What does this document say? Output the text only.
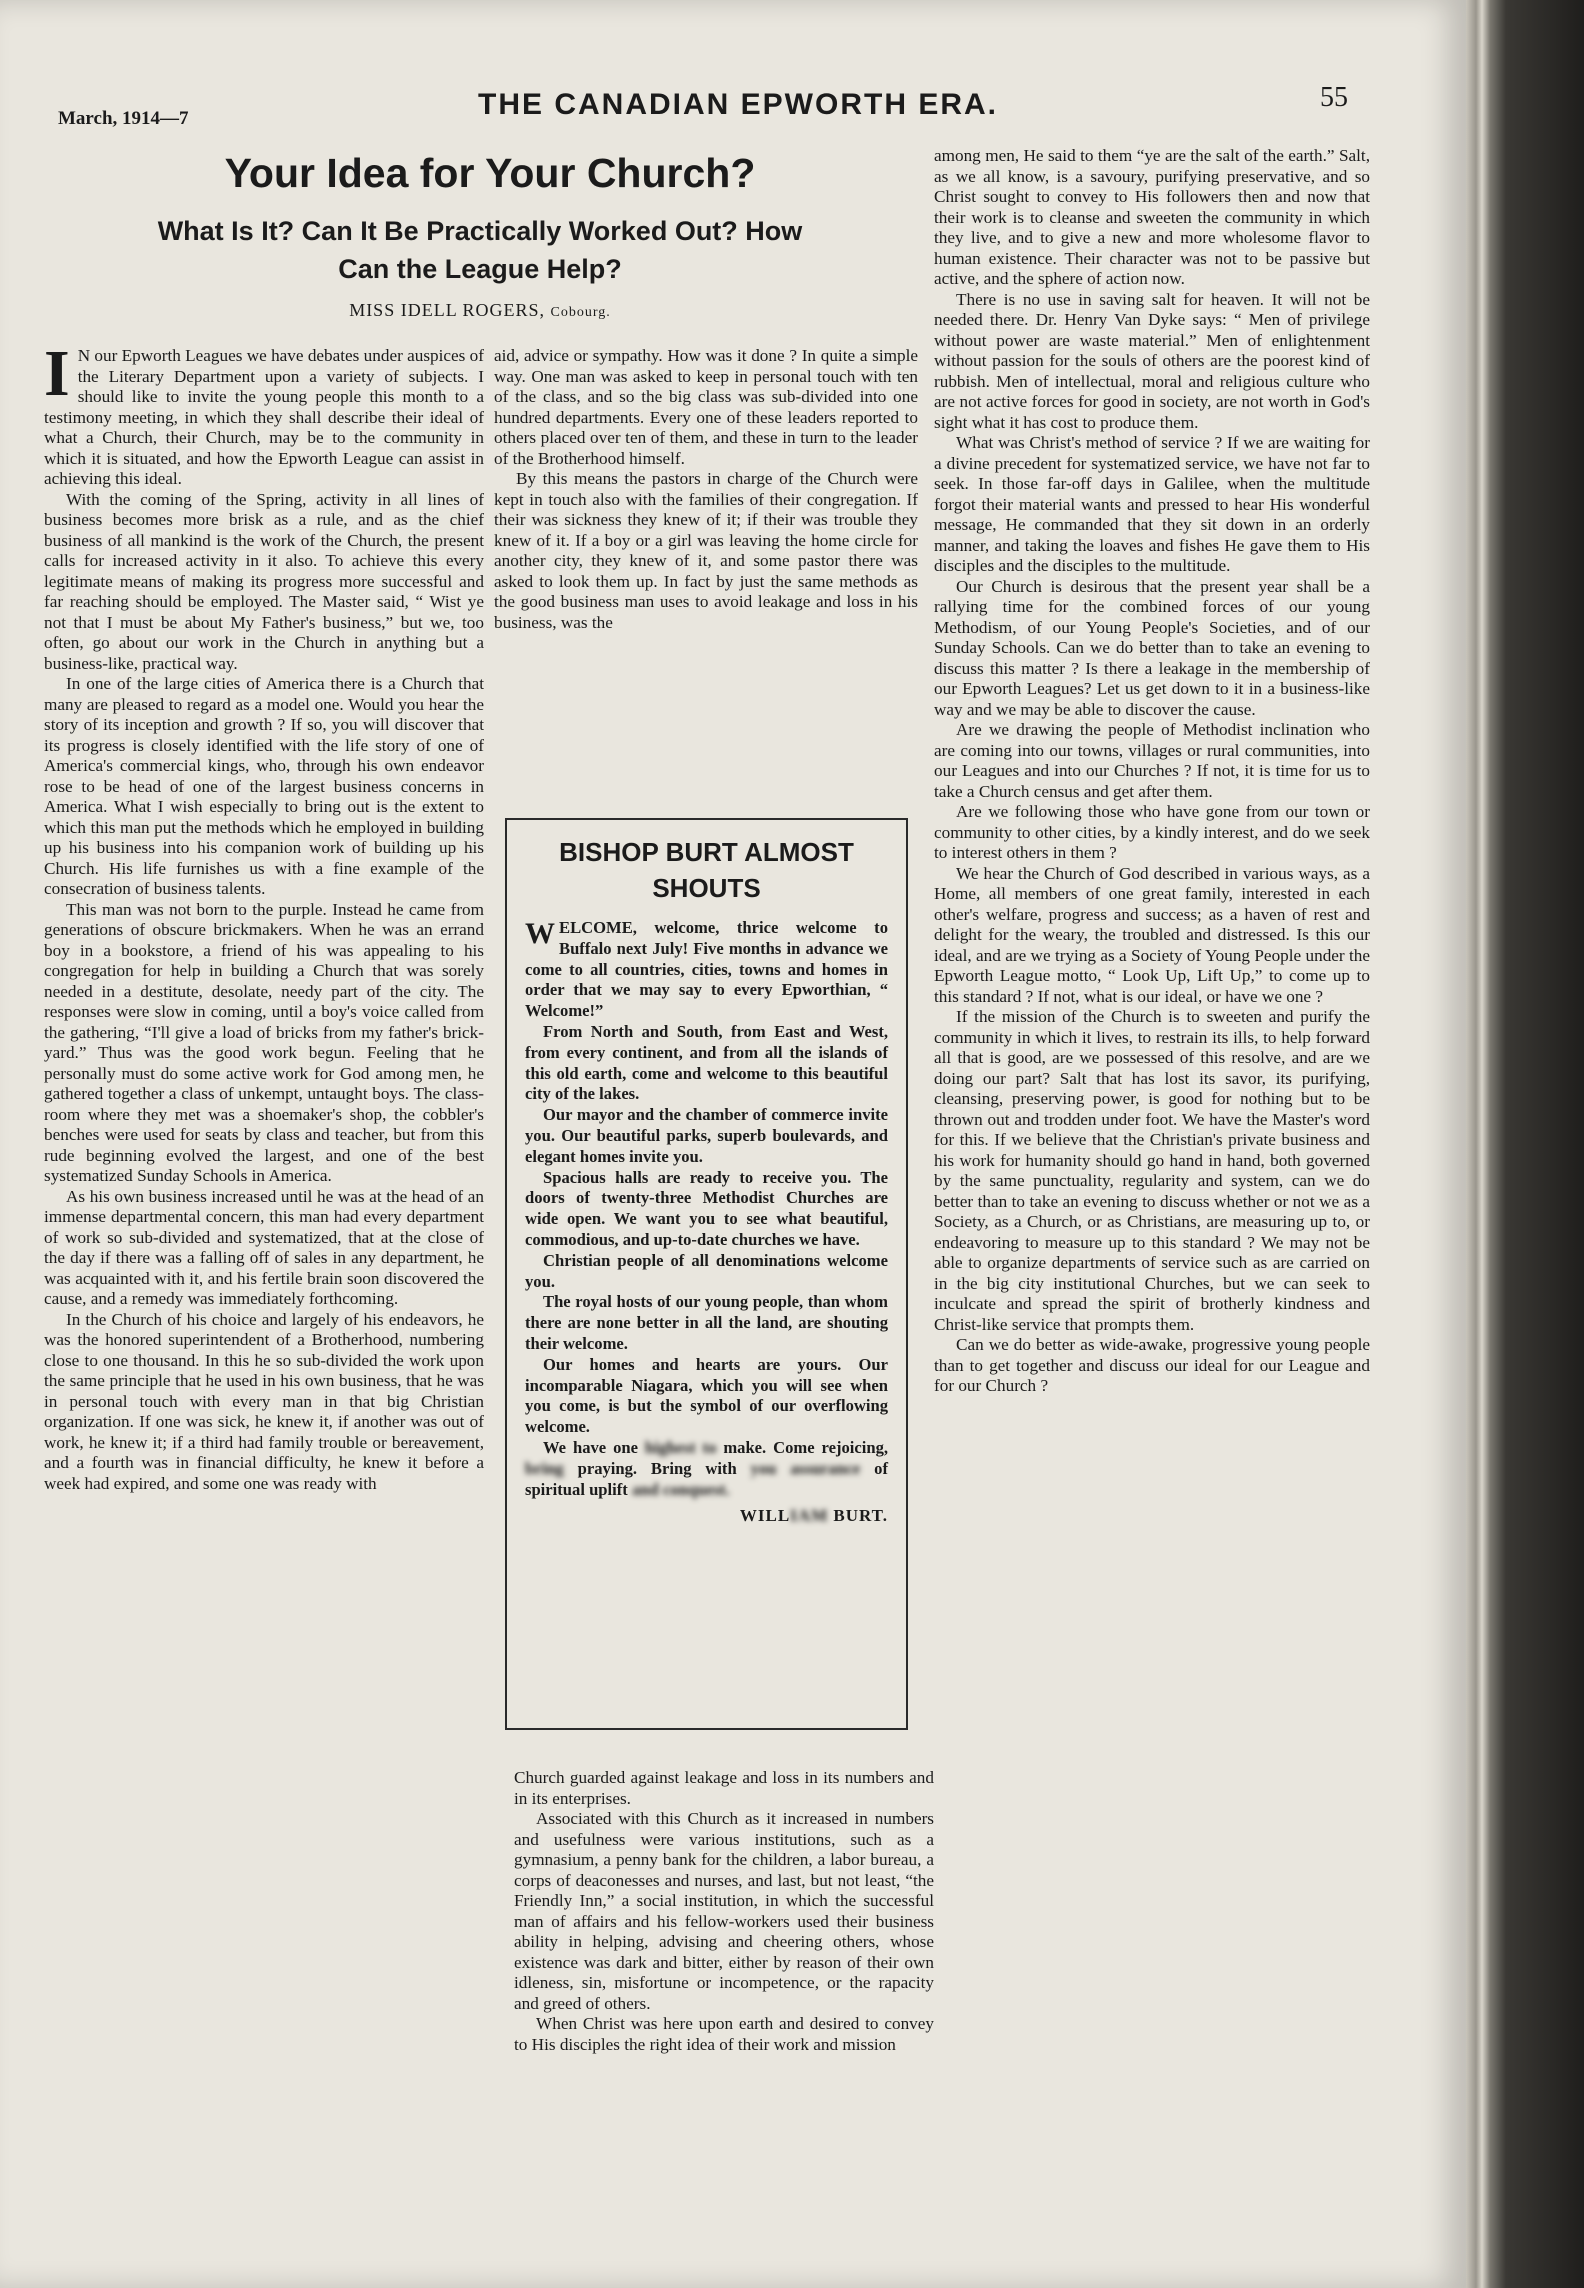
March, 1914—7	THE CANADIAN EPWORTH ERA.	55
Your Idea for Your Church?
What Is It? Can It Be Practically Worked Out? How
Can the League Help?
MISS IDELL ROGERS, Cobourg.

I N our Epworth Leagues we have debates under auspices of the Literary Department upon a variety of subjects. I should like to invite the young people this month to a testimony meeting, in which they shall describe their ideal of what a Church, their Church, may be to the community in which it is situated, and how the Epworth League can assist in achieving this ideal.

With the coming of the Spring, activity in all lines of business becomes more brisk as a rule, and as the chief business of all mankind is the work of the Church, the present calls for increased activity in it also. To achieve this every legitimate means of making its progress more successful and far reaching should be employed. The Master said, “ Wist ye not that I must be about My Father's business,” but we, too often, go about our work in the Church in anything but a business-like, practical way.

In one of the large cities of America there is a Church that many are pleased to regard as a model one. Would you hear the story of its inception and growth ? If so, you will discover that its progress is closely identified with the life story of one of America's commercial kings, who, through his own endeavor rose to be head of one of the largest business concerns in America. What I wish especially to bring out is the extent to which this man put the methods which he employed in building up his business into his companion work of building up his Church. His life furnishes us with a fine example of the consecration of business talents.

This man was not born to the purple. Instead he came from generations of obscure brickmakers. When he was an errand boy in a bookstore, a friend of his was appealing to his congregation for help in building a Church that was sorely needed in a destitute, desolate, needy part of the city. The responses were slow in coming, until a boy's voice called from the gathering, “I'll give a load of bricks from my father's brick-yard.” Thus was the good work begun. Feeling that he personally must do some active work for God among men, he gathered together a class of unkempt, untaught boys. The class-room where they met was a shoemaker's shop, the cobbler's benches were used for seats by class and teacher, but from this rude beginning evolved the largest, and one of the best systematized Sunday Schools in America.

As his own business increased until he was at the head of an immense departmental concern, this man had every department of work so sub-divided and systematized, that at the close of the day if there was a falling off of sales in any department, he was acquainted with it, and his fertile brain soon discovered the cause, and a remedy was immediately forthcoming.

In the Church of his choice and largely of his endeavors, he was the honored superintendent of a Brotherhood, numbering close to one thousand. In this he so sub-divided the work upon the same principle that he used in his own business, that he was in personal touch with every man in that big Christian organization. If one was sick, he knew it, if another was out of work, he knew it; if a third had family trouble or bereavement, and a fourth was in financial difficulty, he knew it before a week had expired, and some one was ready with

aid, advice or sympathy. How was it done ? In quite a simple way. One man was asked to keep in personal touch with ten of the class, and so the big class was sub-divided into one hundred departments. Every one of these leaders reported to others placed over ten of them, and these in turn to the leader of the Brotherhood himself.

By this means the pastors in charge of the Church were kept in touch also with the families of their congregation. If their was sickness they knew of it; if their was trouble they knew of it. If a boy or a girl was leaving the home circle for another city, they knew of it, and some pastor there was asked to look them up. In fact by just the same methods as the good business man uses to avoid leakage and loss in his business, was the

BISHOP BURT ALMOST
SHOUTS

WELCOME, welcome, thrice welcome to Buffalo next July! Five months in advance we come to all countries, cities, towns and homes in order that we may say to every Epworthian, “ Welcome!”

From North and South, from East and West, from every continent, and from all the islands of this old earth, come and welcome to this beautiful city of the lakes.

Our mayor and the chamber of commerce invite you. Our beautiful parks, superb boulevards, and elegant homes invite you.

Spacious halls are ready to receive you. The doors of twenty-three Methodist Churches are wide open. We want you to see what beautiful, commodious, and up-to-date churches we have.

Christian people of all denominations welcome you.

The royal hosts of our young people, than whom there are none better in all the land, are shouting their welcome.

Our homes and hearts are yours. Our incomparable Niagara, which you will see when you come, is but the symbol of our overflowing welcome.

We have one highest to make. Come rejoicing, bring praying. Bring with you assurance of spiritual uplift and conquest.

WILLIAM BURT.

Church guarded against leakage and loss in its numbers and in its enterprises.

Associated with this Church as it increased in numbers and usefulness were various institutions, such as a gymnasium, a penny bank for the children, a labor bureau, a corps of deaconesses and nurses, and last, but not least, “the Friendly Inn,” a social institution, in which the successful man of affairs and his fellow-workers used their business ability in helping, advising and cheering others, whose existence was dark and bitter, either by reason of their own idleness, sin, misfortune or incompetence, or the rapacity and greed of others.

When Christ was here upon earth and desired to convey to His disciples the right idea of their work and mission

among men, He said to them “ye are the salt of the earth.” Salt, as we all know, is a savoury, purifying preservative, and so Christ sought to convey to His followers then and now that their work is to cleanse and sweeten the community in which they live, and to give a new and more wholesome flavor to human existence. Their character was not to be passive but active, and the sphere of action now.

There is no use in saving salt for heaven. It will not be needed there. Dr. Henry Van Dyke says: “ Men of privilege without power are waste material.” Men of enlightenment without passion for the souls of others are the poorest kind of rubbish. Men of intellectual, moral and religious culture who are not active forces for good in society, are not worth in God's sight what it has cost to produce them.

What was Christ's method of service ? If we are waiting for a divine precedent for systematized service, we have not far to seek. In those far-off days in Galilee, when the multitude forgot their material wants and pressed to hear His wonderful message, He commanded that they sit down in an orderly manner, and taking the loaves and fishes He gave them to His disciples and the disciples to the multitude.

Our Church is desirous that the present year shall be a rallying time for the combined forces of our young Methodism, of our Young People's Societies, and of our Sunday Schools. Can we do better than to take an evening to discuss this matter ? Is there a leakage in the membership of our Epworth Leagues? Let us get down to it in a business-like way and we may be able to discover the cause.

Are we drawing the people of Methodist inclination who are coming into our towns, villages or rural communities, into our Leagues and into our Churches ? If not, it is time for us to take a Church census and get after them.

Are we following those who have gone from our town or community to other cities, by a kindly interest, and do we seek to interest others in them ?

We hear the Church of God described in various ways, as a Home, all members of one great family, interested in each other's welfare, progress and success; as a haven of rest and delight for the weary, the troubled and distressed. Is this our ideal, and are we trying as a Society of Young People under the Epworth League motto, “ Look Up, Lift Up,” to come up to this standard ? If not, what is our ideal, or have we one ?

If the mission of the Church is to sweeten and purify the community in which it lives, to restrain its ills, to help forward all that is good, are we possessed of this resolve, and are we doing our part? Salt that has lost its savor, its purifying, cleansing, preserving power, is good for nothing but to be thrown out and trodden under foot. We have the Master's word for this. If we believe that the Christian's private business and his work for humanity should go hand in hand, both governed by the same punctuality, regularity and system, can we do better than to take an evening to discuss whether or not we as a Society, as a Church, or as Christians, are measuring up to, or endeavoring to measure up to this standard ? We may not be able to organize departments of service such as are carried on in the big city institutional Churches, but we can seek to inculcate and spread the spirit of brotherly kindness and Christ-like service that prompts them.

Can we do better as wide-awake, progressive young people than to get together and discuss our ideal for our League and for our Church ?
